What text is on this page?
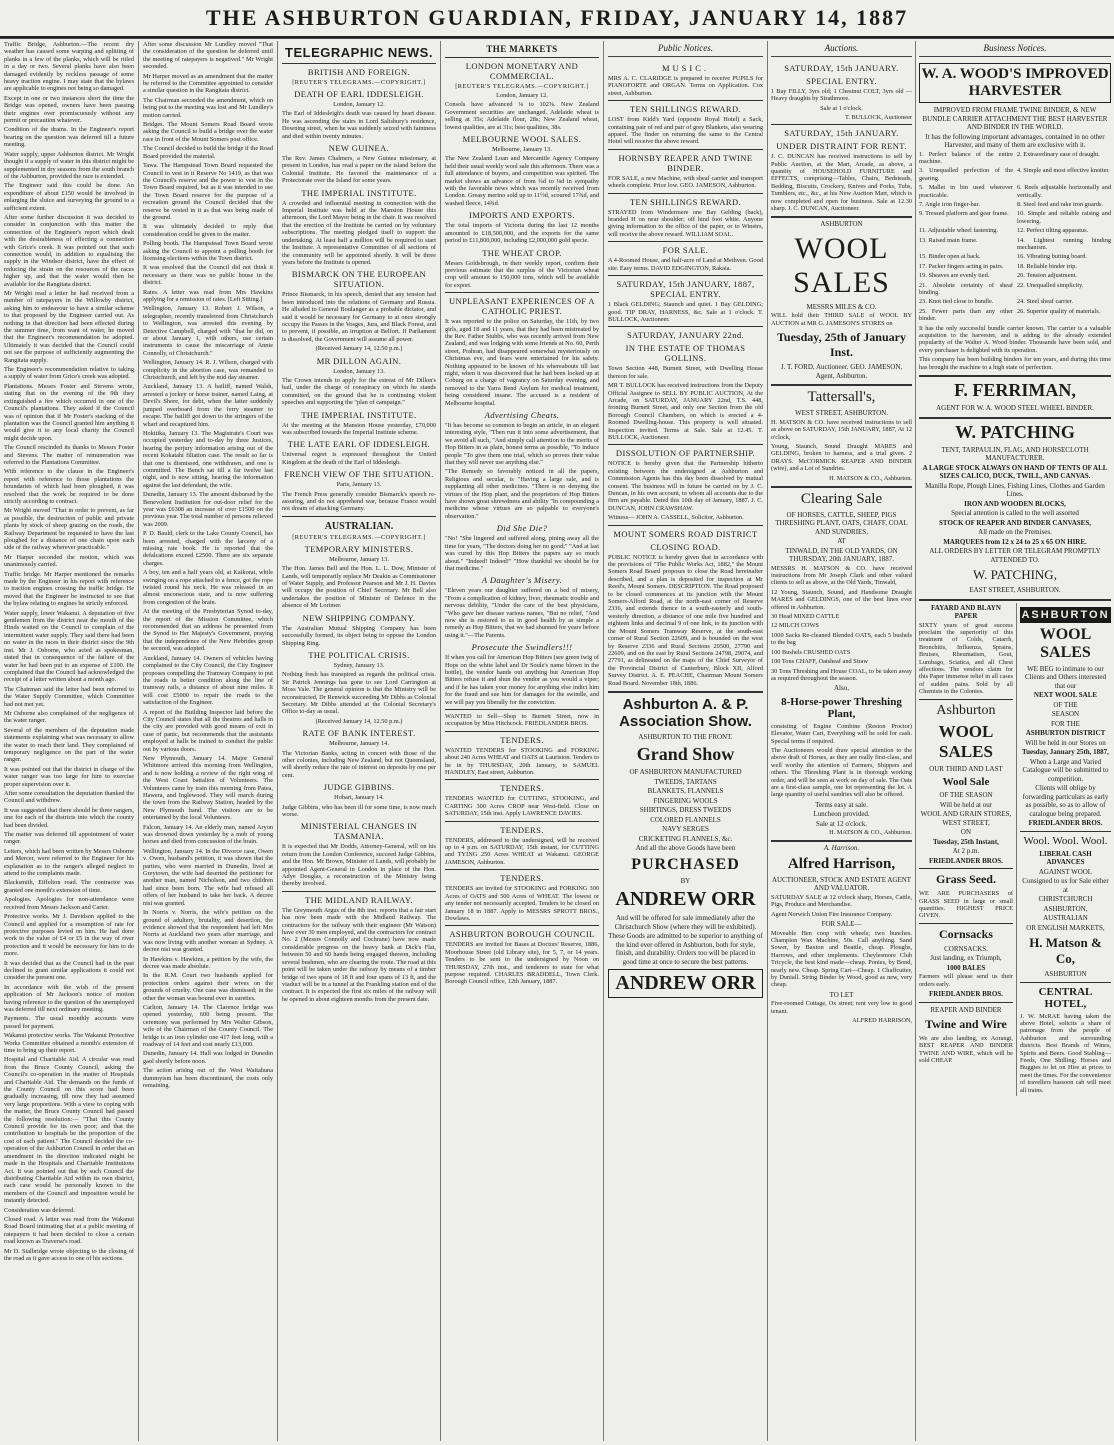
THE ASHBURTON GUARDIAN, FRIDAY, JANUARY 14, 1887

Traffic Bridge, Ashburton.—The recent dry weather has caused some warping and splitting of planks in a few of the planks, which will be ritled in a day or two. Several planks have also been damaged evidently by reckless passage of some heavy traction engine. I may state that the bylaws are applicable to engines not being so damaged.

Except in one or two instances short the time the Bridge was opened, owners have been passing their engines over promiscuously without any permit or precaution whatever.

Condition of the drains. In the Engineer's report bearing on the question was deferred till a future meeting.

Water supply, upper Ashburton district. Mr Wright thought if a supply of water in this district might be supplemented in dry seasons from the south branch of the Ashburton, provided the race is extended.

The Engineer said this could be done. An expenditure of about £150 would be involved in enlarging the sluice and surveying the ground to a sufficient extent.

After some further discussion it was decided to consider in conjunction with this matter the connection of the Engineer's report which dealt with the desirableness of effecting a connection with Grice's creek. It was pointed out that such connection would, in addition to equalising the supply in the Windsor district, have the effect of reducing the strain on the resources of the races higher up, and that the water would then be available for the Rangitata district.

Mr Wright read a letter he had received from a number of ratepayers in the Willowby district, asking him to endeavour to have a similar scheme to that proposed by the Engineer carried out. As nothing in that direction had been effected during the summer time, from want of water, he moved that the Engineer's recommendation be adopted. Ultimately it was decided that the Council could not see the purpose of sufficiently augmenting the Rangitata supply.

The Engineer's recommendation relative to taking a supply of water from Grice's creek was adopted.

Plantations. Messrs Foster and Stevens wrote, stating that on the evening of the 9th they extinguished a fire which occurred in one of the Council's plantations. They asked if the Council was of opinion that if Mr Foster's stacking of the plantation was the Council granted him anything it would give it to any local charity the Council might decide upon.

The Council rescinded its thanks to Messrs Foster and Stevens. The matter of remuneration was referred to the Plantations Committee.

With reference to the clause in the Engineer's report with reference to those plantations the boundaries of which had been ploughed, it was resolved that the work be required to be done strictly according to contract.

Mr Wright moved "That in order to prevent, as far as possible, the destruction of public and private plants by stock of sheep grazing on the roads, the Railway Department be requested to have the last ploughed for a distance of one chain upon each side of the railway wherever practicable."

Mr Harper seconded the motion, which was unanimously carried.

Traffic bridge. Mr Harper mentioned the remarks made by the Engineer in his report with reference to traction engines crossing the traffic bridge. He moved that the Engineer be instructed to see that the bylaw relating to engines be strictly enforced.

Water supply, lower Wakanui. A deputation of five gentlemen from the district near the mouth of the Hinds waited on the Council to complain of the intermittent water supply. They said there had been no water in the races in their district since the 9th inst. Mr J. Osborne, who acted as spokesman, stated that in consequence of the failure of the water he had been put to an expense of £100. He complained that the Council had acknowledged the receipt of a letter written about a month ago.

The Chairman said the letter had been referred to the Water Supply Committee, which Committee had not met yet.

Mr Osborne also complained of the negligence of the water ranger.

Several of the members of the deputation made statements explaining what was necessary to allow the water to reach their land. They complained of temporary negligence on the part of the water ranger.

It was pointed out that the district in charge of the water ranger was too large for him to exercise proper supervision over it.

After some consultation the deputation thanked the Council and withdrew.

It was suggested that there should be three rangers, one for each of the districts into which the county had been divided.

The matter was deferred till appointment of water ranger.

Letters, which had been written by Messrs Osborne and Mercer, were referred to the Engineer for his explanation as to the ranger's alleged neglect to attend to the complaints made.

Blacksmith, Eiffelton road. The contractor was granted one month's extension of time.

Apologies. Apologies for non-attendance were received from Messrs Jackson and Carter.

Protective works. Mr J. Davidson applied to the Council and applied for a resumption of rate for protective purposes levied on him. He had done work to the value of £4 or £5 in the way of river protection and it would be necessary for him to do more.

It was decided that as the Council had in the past declined to grant similar applications it could not consider the present one.

In accordance with the wish of the present application of Mr Jackson's notice of motion having reference to the question of the unemployed was deferred till next ordinary meeting.

Payments. The usual monthly accounts were passed for payment.

Wakanui protective works. The Wakanui Protective Works Committee obtained a month's extension of time to bring up their report.

Hospital and Charitable Aid. A circular was read from the Bruce County Council, asking the Council's co-operation in the matter of Hospitals and Charitable Aid. The demands on the funds of the County Council on this score had been gradually increasing, till now they had assumed very large proportions. With a view to coping with the matter, the Bruce County Council had passed the following resolution:— "That this County Council provide for its own poor; and that the contribution to hospitals be the proportion of the cost of each patient." The Council decided the co-operation of the Ashburton Council in order that an amendment in the direction indicated might be made in the Hospitals and Charitable Institutions Act. It was pointed out that by such Council the distributing Charitable Aid within its own district, each case would be personally known to the members of the Council and imposition would be instantly detected.

Consideration was deferred.

Closed road. A letter was read from the Wakanui Road Board intimating that at a public meeting of ratepayers it had been decided to close a certain road known as Traverse's road.

Mr D. Stalbridge wrote objecting to the closing of the road as it gave access to one of his sections.

After some discussion Mr Lundley moved "That the consideration of the question be deferred until the meeting of ratepayers is negatived." Mr Wright seconded.

Mr Harper moved as an amendment that the matter be referred to the Committee appointed to consider a similar question in the Rangitata district.

The Chairman seconded the amendment, which on being put to the meeting was lost and Mr Lundley's motion carried.

Bridges. The Mount Somers Road Board wrote asking the Council to build a bridge over the water race in front of the Mount Somers post office.

The Council decided to build the bridge if the Road Board provided the material.

Tawa. The Hampstead Town Board requested the Council to vest in it Reserve No 1419, as that was the Council's reserve and the power to vest in the Town Board required, but as it was intended to use the Town Board reserve for the purpose of a recreation ground the Council decided that the reserve be vested in it as that was being made of the ground.

It was ultimately decided to reply that consideration could be given to the matter.

Polling booth. The Hampstead Town Board wrote asking the Council to appoint a polling booth for licensing elections within the Town district.

It was resolved that the Council did not think it necessary as there was no public house in the district.

Rates. A letter was read from Mrs Hawkins applying for a remission of rates. [Left Sitting.]

Wellington, January 13. Robert J. Wilson, a telegrapher, recently transferred from Christchurch to Wellington, was arrested this evening by Detective Campbell, charged with "that he did, on or about January 1, with others, use certain instruments to cause the miscarriage of Annie Connolly, of Christchurch."

Wellington, January 14. R. J. Wilson, charged with complicity in the abortion case, was remanded to Christchurch, and left by the mid day steamer.

Auckland, January 13. A bailiff, named Walsh, arrested a jockey or horse trainer, named Laing, at Devil's Shore, for debt, when the latter suddenly jumped overboard from the ferry steamer to escape. The bailiff got down to the stringers of the wharf and recaptured him.

Hokitika, January 13. The Magistrate's Court was occupied yesterday and to-day by three Justices, hearing the perjury information arising out of the recent Kokatahi filiation case. The result so far is that one is dismissed, one withdrawn, and one is committed. The Bench sat till a far twelve last night, and is now sitting, hearing the information against the last defendant, the wife.

Dunedin, January 13. The amount disbursed by the Benevolent Institution for out-door relief for the year was £6308 an increase of over £1500 on the previous year. The total number of persons relieved was 2009.

P. D. Bauld, clerk to the Lake County Council, has been arrested, charged with the larceny of a missing rate book. He is reported that the defalcations exceed £2500. There are six separate charges.

A boy, ten and a half years old, at Kaikorai, while swinging on a rope attached to a fence, got the rope twisted round his neck. He was released in an almost unconscious state, and is now suffering from congestion of the brain.

At the meeting of the Presbyterian Synod to-day, the report of the Mission Committee, which recommended that an address be presented from the Synod to Her Majesty's Government, praying that the independence of the New Hebrides group be secured, was adopted.

Auckland, January 14. Owners of vehicles having complained to the City Council, the City Engineer proposes compelling the Tramway Company to put the roads in better condition along the line of tramway rails, a distance of about nine miles. It will cost £5000 to repair the roads to the satisfaction of the Engineer.

A report of the Building Inspector laid before the City Council states that all the theatres and halls in the city are provided with good means of exit in case of panic, but recommends that the assistants employed at halls be trained to conduct the public out by various doors.

New Plymouth, January 14. Major General Whitmore arrived this morning from Wellington, and is now holding a review of the right wing of the West Coast battalion of Volunteers. The Volunteers came by train this morning from Patea, Hawera, and Inglewood. They will march during the town from the Railway Station, headed by the New Plymouth band. The visitors are to be entertained by the local Volunteers.

Falcon, January 14. An elderly man, named Aryon was drowned down yesterday by a mob of young horses and died from concussion of the brain.

Wellington, January 14. In the Divorce case, Owen v. Owen, husband's petition, it was shown that the parties, who were married in Dunedin, lived at Greytown, the wife had deserted the petitioner for another man, named Nicholson, and two children had since been born. The wife had refused all offers of her husband to take her back. A decree nisi was granted.

In Norris v. Norris, the wife's petition on the ground of adultery, brutality, and desertion, the evidence showed that the respondent had left Mrs Norris at Auckland two years after marriage, and was now living with another woman at Sydney. A decree nisi was granted.

In Hawkins v. Hawkins, a petition by the wife, the decree was made absolute.

In the R.M. Court two husbands applied for protection orders against their wives on the grounds of cruelty. One case was dismissed; in the other the woman was bound over in sureties.

Carlton, January 14. The Clarence bridge was opened yesterday, 600 being present. The ceremony was performed by Mrs Walter Gibson, wife of the Chairman of the County Council. The bridge is an iron cylinder one 417 feet long, with a roadway of 14 feet and cost nearly £13,000.

Dunedin, January 14. Hall was lodged in Dunedin gaol shortly before noon.

The action arising out of the West Waitahuna dummyism has been discontinued, the costs only remaining.

TELEGRAPHIC NEWS.
BRITISH AND FOREIGN.
[REUTER'S TELEGRAMS.—COPYRIGHT.]
DEATH OF EARL IDDESLEIGH.

London, January 12.

The Earl of Iddesleigh's death was caused by heart disease. He was ascending the stairs in Lord Salisbury's residence, Downing street, when he was suddenly seized with faintness and died within twenty minutes.

NEW GUINEA.

The Rev. James Chalmers, a New Guinea missionary, at present in London, has read a paper on the island before the Colonial Institute. He favored the maintenance of a Protectorate over the Island for some years.

THE IMPERIAL INSTITUTE.

A crowded and influential meeting in connection with the Imperial Institute was held at the Mansion House this afternoon, the Lord Mayor being in the chair. It was resolved that the erection of the Institute be carried on by voluntary subscriptions. The meeting pledged itself to support the undertaking. At least half a million will be required to start the Institute. A representative Committee of all sections of the community will be appointed shortly. It will be three years before the Institute is opened.

BISMARCK ON THE EUROPEAN SITUATION.

Prince Bismarck, in his speech, denied that any tension had been introduced into the relations of Germany and Russia. He alluded to General Boulanger as a probable dictator, and said it would be necessary for Germany to at once strongly occupy the Passes in the Vosges, Jura, and Black Forest, and to prevent, if possible, an irruption at Belfort. If Parliament is dissolved, the Government will assume all power.

(Received January 14, 12.50 p.m.)

MR DILLON AGAIN.

London, January 13.

The Crown intends to apply for the estreat of Mr Dillon's bail, under the charge of conspiracy on which he stands committed, on the ground that he is continuing violent speeches and supporting the "plan of campaign."

THE IMPERIAL INSTITUTE.

At the meeting at the Mansion House yesterday, £70,000 was subscribed towards the Imperial Institute scheme.

THE LATE EARL OF IDDESLEIGH.

Universal regret is expressed throughout the United Kingdom at the death of the Earl of Iddesleigh.

FRENCH VIEW OF THE SITUATION.

Paris, January 13.

The French Press generally consider Bismarck's speech re-assuring, and do not apprehend war, because France would not dream of attacking Germany.

AUSTRALIAN.
[REUTER'S TELEGRAMS.—COPYRIGHT.]
TEMPORARY MINISTERS.

Melbourne, January 13.

The Hon. James Bell and the Hon. L. L. Dow, Minister of Lands, will temporarily replace Mr Deakin as Commissioner of Water Supply, and Professor Pearson and Mr J. H. Davies will occupy the position of Chief Secretary. Mr Bell also undertakes the position of Minister of Defence in the absence of Mr Lorimer.

NEW SHIPPING COMPANY.

The Australian Mutual Shipping Company has been successfully formed, its object being to oppose the London Shipping Ring.

THE POLITICAL CRISIS.

Sydney, January 13.

Nothing fresh has transpired as regards the political crisis. Sir Patrick Jennings has gone to see Lord Carrington at Moss Vale. The general opinion is that the Ministry will be reconstructed, Dr Renwick succeeding Mr Dibbs as Colonial Secretary. Mr Dibbs attended at the Colonial Secretary's Office to-day as usual.

(Received January 14, 12.50 p.m.)

RATE OF BANK INTEREST.

Melbourne, January 14.

The Victorian Banks, acting in concert with those of the other colonies, including New Zealand, but not Queensland, will shortly reduce the rate of interest on deposits by one per cent.

JUDGE GIBBINS.

Hobart, January 14.

Judge Gibbins, who has been ill for some time, is now much worse.

MINISTERIAL CHANGES IN TASMANIA.

It is expected that Mr Dodds, Attorney-General, will on his return from the London Conference, succeed Judge Gibbins, and the Hon. Mr Brown, Minister of Lands, will probably be appointed Agent-General in London in place of the Hon. Adye Douglas, a reconstruction of the Ministry being thereby involved.

THE MIDLAND RAILWAY.

The Greymouth Argus of the 8th inst. reports that a fair start has now been made with the Midland Railway. The contractors for the railway with their engineer (Mr Watson) have over 30 men employed, and the contractors for contract No. 2 (Messrs Connolly and Cochrane) have now made considerable progress on the heavy bank at Dick's Flat, between 50 and 60 hands being engaged thereon, including several bushmen, who are clearing the route. The road at this point will be taken under the railway by means of a timber bridge of two spans of 18 ft and four spans of 13 ft, and the viaduct will be in a tunnel at the Frankling station end of the contract. It is expected the first six miles of the railway will be opened in about eighteen months from the present date.

THE MARKETS
LONDON MONETARY AND COMMERCIAL.
[REUTER'S TELEGRAMS.—COPYRIGHT.]

London, January 12.

Consols have advanced ⅛ to 102⅝. New Zealand Government securities are unchanged. Adelaide wheat is selling at 35s; Adelaide flour, 28s; New Zealand wheat, lowest qualities, are at 31s; best qualities, 38s.

MELBOURNE WOOL SALES.

Melbourne, January 13.

The New Zealand Loan and Mercantile Agency Company held their usual weekly wool sale this afternoon. There was a full attendance of buyers, and competition was spirited. The market shows an advance of from ¾d to ⅛d in sympathy with the favorable news which was recently received from London. Greasy merino sold up to 11½d, scoured 17¾d, and washed fleece, 14¾d.

IMPORTS AND EXPORTS.

The total imports of Victoria during the last 12 months amounted to £18,500,000, and the exports for the same period to £11,800,000, including £2,000,000 gold specie.

THE WHEAT CROP.

Messrs Goldsbrough, in their weekly report, confirm their previous estimate that the surplus of the Victorian wheat crop will amount to 150,000 tons, which will be available for export.

UNPLEASANT EXPERIENCES OF A CATHOLIC PRIEST.

It was reported to the police on Saturday, the 11th, by two girls, aged 18 and 11 years, that they had been mistreated by the Rev. Father Stubbs, who was recently arrived from New Zealand, and was lodging with some friends at No. 60, Perth street, Prahran, had disappeared somewhat mysteriously on Christmas eve, and fears were entertained for his safety. Nothing appeared to be known of his whereabouts till last night, when it was discovered that he had been locked up at Coburg on a charge of vagrancy on Saturday evening, and removed to the Yarra Bend Asylum for medical treatment, being considered insane. The accused is a resident of Melbourne hospital.

Advertising Cheats.

"It has become so common to begin an article, in an elegant interesting style, "Then run it into some advertisement, that we avoid all such, "And simply call attention to the merits of Hop Bitters in as plain, honest terms as possible, "To induce people "To give them one trial, which so proves their value that they will never use anything else."

"The Remedy so favorably noticed in all the papers, Religious and secular, is "Having a large sale, and is supplanting all other medicines. "There is no denying the virtues of the Hop plant, and the proprietors of Hop Bitters have shown great shrewdness and ability "In compounding a medicine whose virtues are so palpable to everyone's observation."

Did She Die?

"No! "She lingered and suffered along, pining away all the time for years, "The doctors doing her no good;" "And at last was cured by this Hop Bitters the papers say so much about." "Indeed! Indeed!" "How thankful we should be for that medicine."

A Daughter's Misery.

"Eleven years our daughter suffered on a bed of misery, "From a complication of kidney, liver, rheumatic trouble and nervous debility, "Under the care of the best physicians, "Who gave her disease various names, "But no relief, "And now she is restored to us in good health by as simple a remedy as Hop Bitters, that we had shunned for years before using it."—The Parents.

Prosecute the Swindlers!!!

If when you call for American Hop Bitters (see green twig of Hops on the white label and Dr Soule's name blown in the bottle), the vendor hands out anything but American Hop Bitters refuse it and shun the vendor as you would a viper; and if he has taken your money for anything else indict him for the fraud and sue him for damages for the swindle, and we will pay you liberally for the conviction.

WANTED to Sell—Shop to Burnett Street, now in occupation by Miss Hitchcock. FRIEDLANDER BROS.

TENDERS.

WANTED TENDERS for STOOKING and FORKING about 240 Acres WHEAT and OATS at Lauriston. Tenders to be in by THURSDAY, 20th January, to SAMUEL HANDLEY, East street, Ashburton.

TENDERS.

TENDERS WANTED for CUTTING, STOOKING, and CARTING 300 Acres CROP near West-field. Close on SATURDAY, 15th inst. Apply LAWRENCE DAVIES.

TENDERS.

TENDERS, addressed to the undersigned, will be received up to 4 p.m. on SATURDAY, 15th instant, for CUTTING and TYING 250 Acres WHEAT at Wakanui. GEORGE JAMESON, Ashburton.

TENDERS.

TENDERS are invited for STOOKING and FORKING 300 Acres of OATS and 500 Acres of WHEAT. The lowest or any tender not necessarily accepted. Tenders to be closed on January 18 in 1887. Apply to MESSRS SPROTT BROS., Dowlaws.

ASHBURTON BOROUGH COUNCIL

TENDERS are invited for Bases at Doctors' Reserve, 1886, Moorhouse Street (old Library site), for 5, 7, or 14 years. Tenders to be sent to the undersigned by Noon on THURSDAY, 27th inst., and tenderers to state for what purpose required. CHARLES BRADDELL, Town Clerk. Borough Council office, 12th January, 1887.

Public Notices.
MUSIC.

MRS A. C. CLARIDGE is prepared to receive PUPILS for PIANOFORTE and ORGAN. Terms on Application. Cox street, Ashburton.

TEN SHILLINGS REWARD.

LOST from Kidd's Yard (opposite Royal Hotel) a Sack, containing pair of red and pair of grey Blankets, also wearing apparel. The finder on returning the same to the Central Hotel will receive the above reward.

HORNSBY REAPER AND TWINE BINDER.

FOR SALE, a new Machine, with sheaf carrier and transport wheels complete. Price low. GEO. JAMESON, Ashburton.

TEN SHILLINGS REWARD.

STRAYED from Windermere one Bay Gelding (back), branded H on near shoulder; off hind foot white. Anyone giving information to the office of the paper, or to Winetrs, will receive the above reward. WILLIAM SOAL.

FOR SALE.

A 4-Roomed House, and half-acre of Land at Methven. Good site. Easy terms. DAVID EDGINGTON, Rakaia.

SATURDAY, 15th JANUARY, 1887, SPECIAL ENTRY.

1 Black GELDING; Staunch and quiet. 1 Bay GELDING; good. TIP DRAY, HARNESS, &c. Sale at 1 o'clock. T. BULLOCK, Auctioneer.

SATURDAY, JANUARY 22nd.
IN THE ESTATE OF THOMAS GOLLINS.

Town Section 448, Burnett Street, with Dwelling House thereon for sale.

MR T. BULLOCK has received instructions from the Deputy Official Assignee to SELL BY PUBLIC AUCTION, At the Arcade, on SATURDAY, JANUARY 22nd, T.S. 448, fronting Burnett Street, and only one Section from the old Borough Council Chambers, on which is erected a 4-Roomed Dwelling-house. This property is well situated. Inspection invited. Terms at Sale. Sale at 12.45. T. BULLOCK, Auctioneer.

DISSOLUTION OF PARTNERSHIP.

NOTICE is hereby given that the Partnership hitherto existing between the undersigned at Ashburton and Commission Agents has this day been dissolved by mutual consent. The business will in future be carried on by J. C. Duncan, in his own account, to whom all accounts due to the firm are payable. Dated this 10th day of January, 1887. J. C. DUNCAN, JOHN CRAWSHAW.

Witness— JOHN A. CASSELL, Solicitor, Ashburton.

MOUNT SOMERS ROAD DISTRICT
CLOSING ROAD.

PUBLIC NOTICE is hereby given that in accordance with the provisions of "The Public Works Act, 1882," the Mount Somers Road Board proposes to close the Road hereinafter described, and a plan is deposited for inspection at Mr Reed's, Mount Somers. DESCRIPTION. The Road proposed to be closed commences at its junction with the Mount Somers-Alford Road, at the north-east corner of Reserve 2336, and extends thence in a south-easterly and south-westerly direction, a distance of one mile five hundred and eighteen links and decimal 9 of one link, to its junction with the Mount Somers Tramway Reserve, at the south-east corner of Rural Section 22609, and is bounded on the west by Reserve 2336 and Rural Sections 29500, 27790 and 22609, and on the east by Rural Sections 24798, 29074, and 27791, as delineated on the maps of the Chief Surveyor of the Provincial District of Canterbury, Block XII, Alford Survey District. A. E. PEACHE, Chairman Mount Somers Road Board. November 18th, 1886.

Ashburton A. & P. Association Show.
ASHBURTON TO THE FRONT.
Grand Show
OF ASHBURTON MANUFACTURED

TWEEDS, TARTANS

BLANKETS, FLANNELS

FINGERING WOOLS

SHIRTINGS, DRESS TWEEDS

COLORED FLANNELS

NAVY SERGES

CRICKETING FLANNELS, &c.

And all the above Goods have been
PURCHASED
BY
ANDREW ORR

And will be offered for sale immediately after the Christchurch Show (where they will be exhibited).

These Goods are admitted to be superior to anything of the kind ever offered in Ashburton, both for style, finish, and durability. Orders too will be placed in good time at once to secure the best patterns.

ANDREW ORR
Auctions.
SATURDAY, 15th JANUARY.
SPECIAL ENTRY.

1 Bay FILLY, 3yrs old; 1 Chestnut COLT, 3yrs old — Heavy draughts by Strathmore.

Sale at 1 o'clock.

T. BULLOCK, Auctioneer
SATURDAY, 15th JANUARY.
UNDER DISTRAINT FOR RENT.

J. C. DUNCAN has received instructions to sell by Public Auction, at the Mart, Arcade, as above, a quantity of HOUSEHOLD FURNITURE and EFFECTS, comprising—Tables, Chairs, Bedsteads, Bedding, Biscuits, Crockery, Knives and Forks, Tubs, Tumblers, etc., &c., at his New Auction Mart, which is now completed and open for business. Sale at 12.30 sharp. J. C. DUNCAN, Auctioneer.

ASHBURTON
WOOL SALES
MESSRS MILES & CO.

WILL hold their THIRD SALE of WOOL BY AUCTION at MR G. JAMESON'S STORES on

Tuesday, 25th of January Inst.

J. T. FORD, Auctioneer. GEO. JAMESON, Agent, Ashburton.

Tattersall's,
WEST STREET, ASHBURTON.

H. MATSON & CO. have received instructions to sell as above on SATURDAY, 15th JANUARY, 1887, At 12 o'clock,

Young, Staunch, Sound Draught MARES and GELDING, broken to harness, and a trial given. 2 DRAYS. McCORMICK REAPER AND BINDER (wire), and a Lot of Sundries.

H. MATSON & CO., Ashburton.
Clearing Sale
OF HORSES, CATTLE, SHEEP, PIGS THRESHING PLANT, OATS, CHAFF, COAL AND SUNDRIES,
AT
TINWALD, IN THE OLD YARDS, ON THURSDAY, 20th JANUARY, 1887.

MESSRS H. MATSON & CO. have received instructions from Mr Joseph Clark and other valued clients to sell as above, at the Old Yards, Tinwald,

12 Young, Staunch, Sound, and Handsome Draught MARES and GELDINGS, one of the best lines ever offered in Ashburton.

30 Head MIXED CATTLE

12 MILCH COWS

1000 Sacks Re-cleaned Blended OATS, each 5 bushels to the bag

100 Bushels CRUSHED OATS

100 Tons CHAFF, Oatsheaf and Straw

30 Tons Threshing and House COAL, to be taken away as required throughout the season.

Also,
8-Horse-power Threshing Plant,

consisting of Engine Combine (Reston Proctor) Elevator, Water Cart, Everything will be sold for cash. Special terms if required.

The Auctioneers would draw special attention to the above draft of Horses, as they are really first-class, and well worthy the attention of Farmers, Shippers and others. The Threshing Plant is in thorough working order, and will be seen at work on day of sale. The Oats are a first-class sample, one lot representing the lot. A large quantity of useful sundries will also be offered.

Terms easy at sale.

Luncheon provided.

Sale at 12 o'clock.

H. MATSON & CO., Ashburton.
A. Harrison.
Alfred Harrison,
AUCTIONEER, STOCK AND ESTATE AGENT AND VALUATOR.

SATURDAY SALE at 12 o'clock sharp, Horses, Cattle, Pigs, Produce and Merchandise.

Agent Norwich Union Fire Insurance Company.

FOR SALE—

Moveable Hen coop with wheels; two bunches. Champion Wax Machine, 50s. Call anything. Sand Sower, by Baxton and Beattle, cheap. Ploughs, Harrows, and other implements. Cheylesmore Club Tricycle, the best kind made—cheap. Ponies, by Bond, nearly new. Cheap. Spring Cart—Cheap. 1 Chaffcutter, by Duniall. String Binder by Wood, good as new, very cheap.

TO LET

Five-roomed Cottage, Ox street; rent very low to good tenant.

ALFRED HARRISON,
Business Notices.
W. A. WOOD'S IMPROVED HARVESTER
IMPROVED FROM FRAME TWINE BINDER, & NEW BUNDLE CARRIER ATTACHMENT THE BEST HARVESTER AND BINDER IN THE WORLD.

It has the following important advantages, contained in no other Harvester, and many of them are exclusive with it.

1. Perfect balance of the entire machine.

2. Extraordinary ease of draught.

3. Unequalled perfection of the gearing.

4. Simple and most effective knotter.

5. Mallet in bin used wherever practicable.

6. Reels adjustable horizontally and vertically.

7. Angle iron finger-bar.	8. Steel feed and rake iron guards.

9. Tressed platform and gear frame.	10. Simple and reliable raising and lowering.

11. Adjustable wheel fastening.	12. Perfect tilting apparatus.

13. Raised main frame.	14. Lightest running binding mechanism.

15. Binder open at back.	16. Vibrating butting board.

17. Packer fingers acting in pairs.	18. Reliable binder trip.

19. Sheaves are evenly tied.	20. Tension adjustment.

21. Absolute certainty of sheaf binding.

22. Unequalled simplicity.

23. Knot tied close to bundle.	24. Steel sheaf carrier.

25. Fewer parts than any other binder.

26. Superior quality of materials.

It has the only successful bundle carrier known. The carrier is a valuable acquisition to the harvester, and is adding to the already extended popularity of the Walter A. Wood binder. Thousands have been sold, and every purchaser is delighted with its operation.

This company has been building binders for ten years, and during this time has brought the machine to a high state of perfection.

F. FERRIMAN,
AGENT FOR W. A. WOOD STEEL WHEEL BINDER.
W. PATCHING
TENT, TARPAULIN, FLAG, AND HORSECLOTH MANUFACTURER.
A LARGE STOCK ALWAYS ON HAND OF TENTS OF ALL SIZES CALICO, DUCK, TWILL, AND CANVAS.

Manilla Rope, Plough Lines, Fishing Lines, Clothes and Garden Lines.

IRON AND WOODEN BLOCKS,

Special attention is called to the well assorted

STOCK OF REAPER AND BINDER CANVASES,

All made on the Premises.

MARQUEES from 12 x 24 to 25 x 65 ON HIRE.

ALL ORDERS BY LETTER OR TELEGRAM PROMPTLY ATTENDED TO.

W. PATCHING,
EAST STREET, ASHBURTON.
FAYARD AND BLAYN PAPER

SIXTY years of great success proclaim the superiority of this treatment of Colds, Catarrh, Bronchitis, Influenza, Sprains, Bruises, Rheumatism, Gout, Lumbago, Sciatica, and all Chest affections. The vendors claim for this Paper immense relief in all cases of sudden pains. Sold by all Chemists in the Colonies.

Ashburton
WOOL SALES
OUR THIRD AND LAST
Wool Sale
OF THE SEASON
Will be held at our
WOOL AND GRAIN STORES, WEST STREET,
ON
Tuesday, 25th Instant,
At 2 p.m.
FRIEDLANDER BROS.
Grass Seed.

WE ARE PURCHASERS of GRASS SEED in large or small quantities. HIGHEST PRICE GIVEN.

Cornsacks
CORNSACKS.
Just landing, ex Triumph,
1000 BALES

Farmers will please send us their orders early.

FRIEDLANDER BROS.
REAPER AND BINDER
Twine and Wire

We are also landing, ex Aorangi, BEST REAPER AND BINDER TWINE AND WIRE, which will be sold CHEAP.

ASHBURTON
WOOL SALES

WE BEG to intimate to our Clients and Others interested that our

NEXT WOOL SALE
OF THE
SEASON
FOR THE
ASHBURTON DISTRICT
Will be held in our Stores on
Tuesday, January 25th, 1887,

When a Large and Varied Catalogue will be submitted to competition.

Clients will oblige by forwarding particulars as early as possible, so as to allow of catalogue being prepared.

FRIEDLANDER BROS.
Wool. Wool. Wool.
LIBERAL CASH ADVANCES
AGAINST WOOL
Consigned to us for Sale either at
CHRISTCHURCH
ASHBURTON,
AUSTRALIAN
OR ENGLISH MARKETS,
H. Matson & Co,
ASHBURTON
CENTRAL HOTEL,

J. W. McRAE having taken the above Hotel, solicits a share of patronage from the people of Ashburton and surrounding districts. Best Brands of Wines, Spirits and Beers. Good Stabling—Feeds, One Shilling; Horses and Buggies to let on Hire at prices to meet the times. For the convenience of travellers bassoon cab will meet all trains.
